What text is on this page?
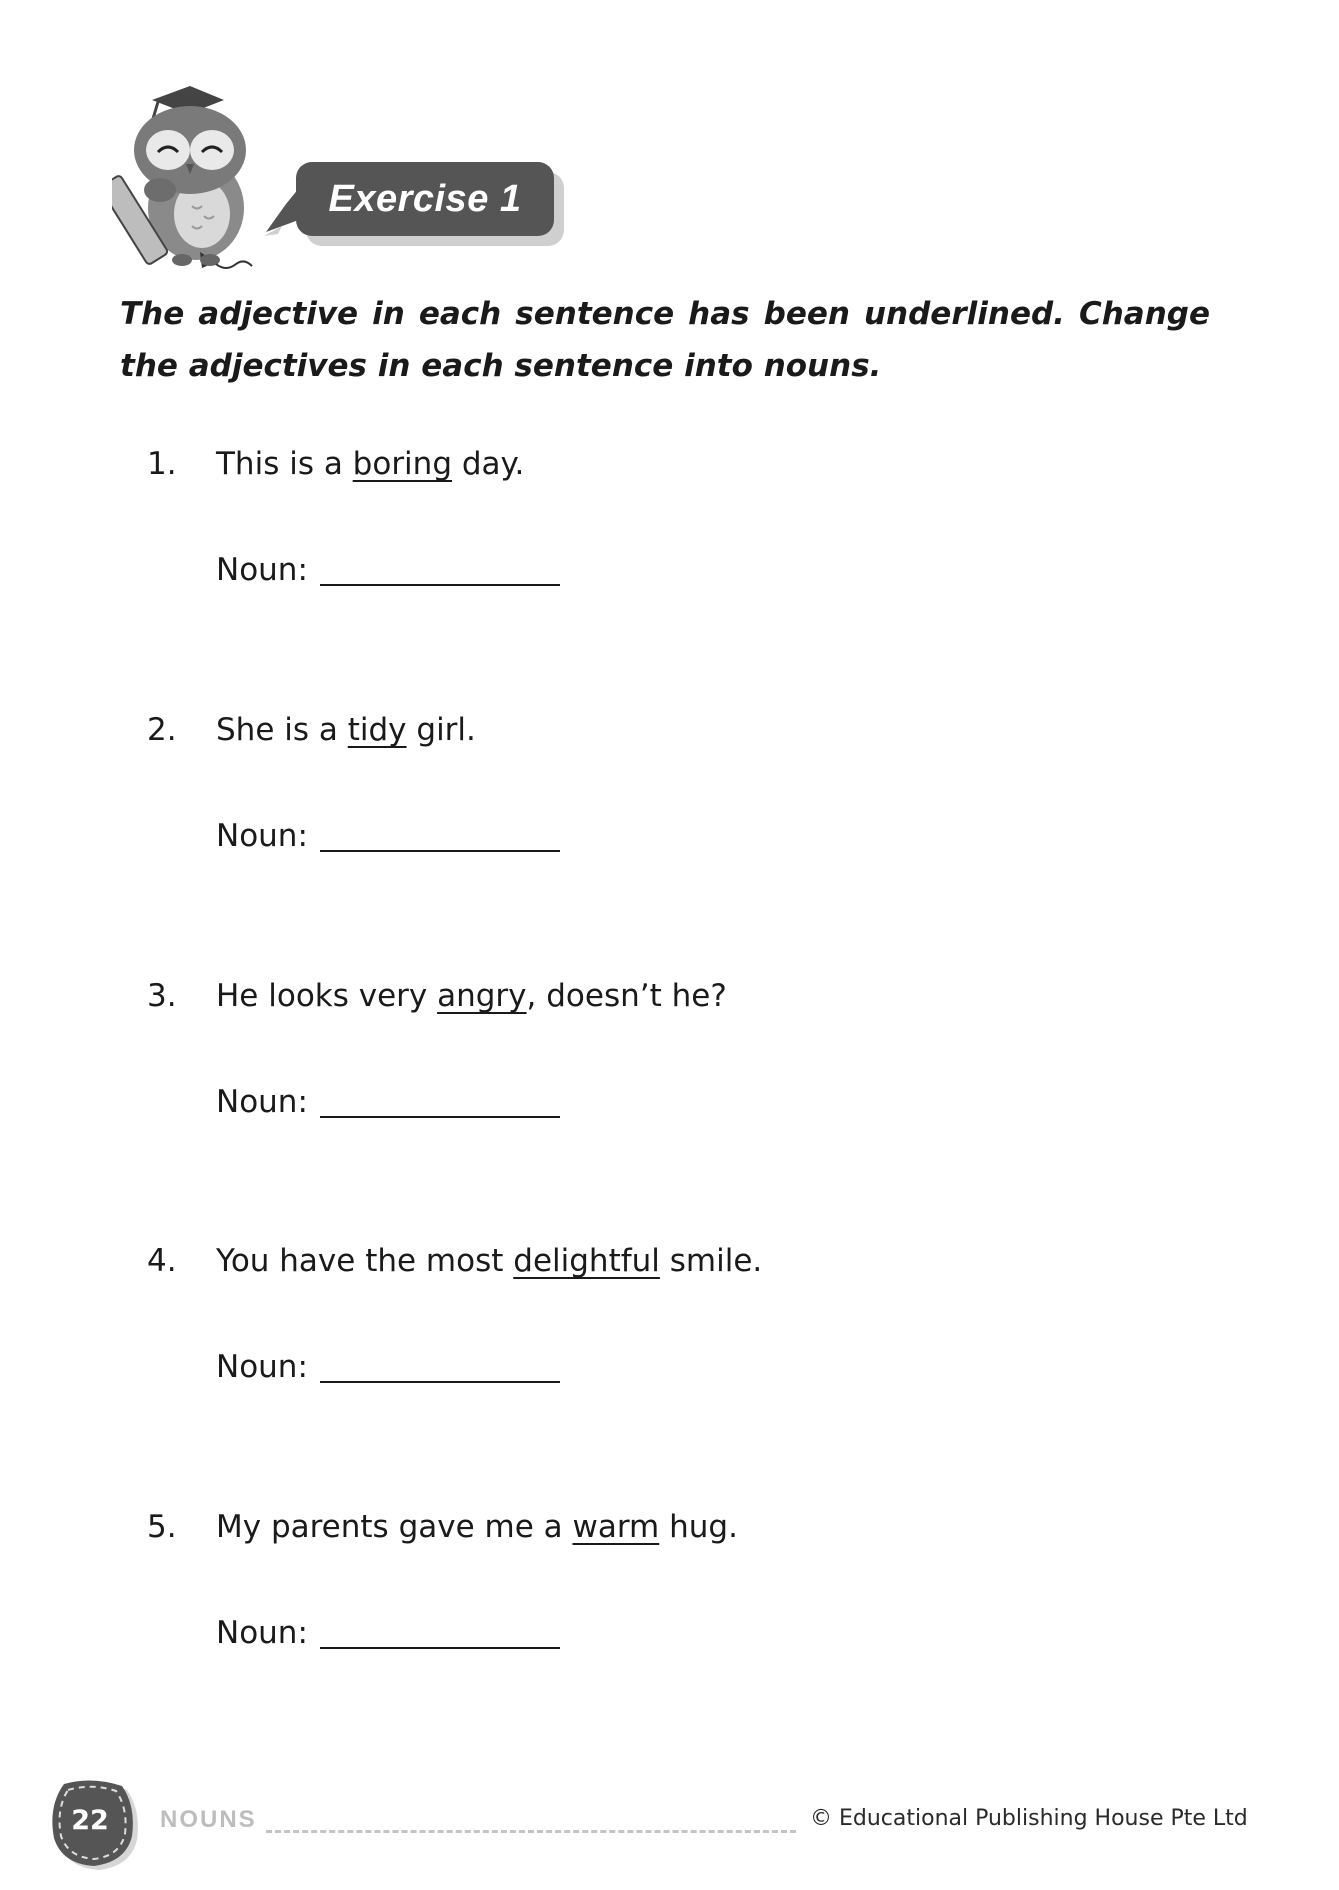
Exercise 1
The adjective in each sentence has been underlined. Change the adjectives in each sentence into nouns.
1.	This is a boring day.
Noun:
2.	She is a tidy girl.
Noun:
3.	He looks very angry, doesn’t he?
Noun:
4.	You have the most delightful smile.
Noun:
5.	My parents gave me a warm hug.
Noun:
22	NOUNS	© Educational Publishing House Pte Ltd
